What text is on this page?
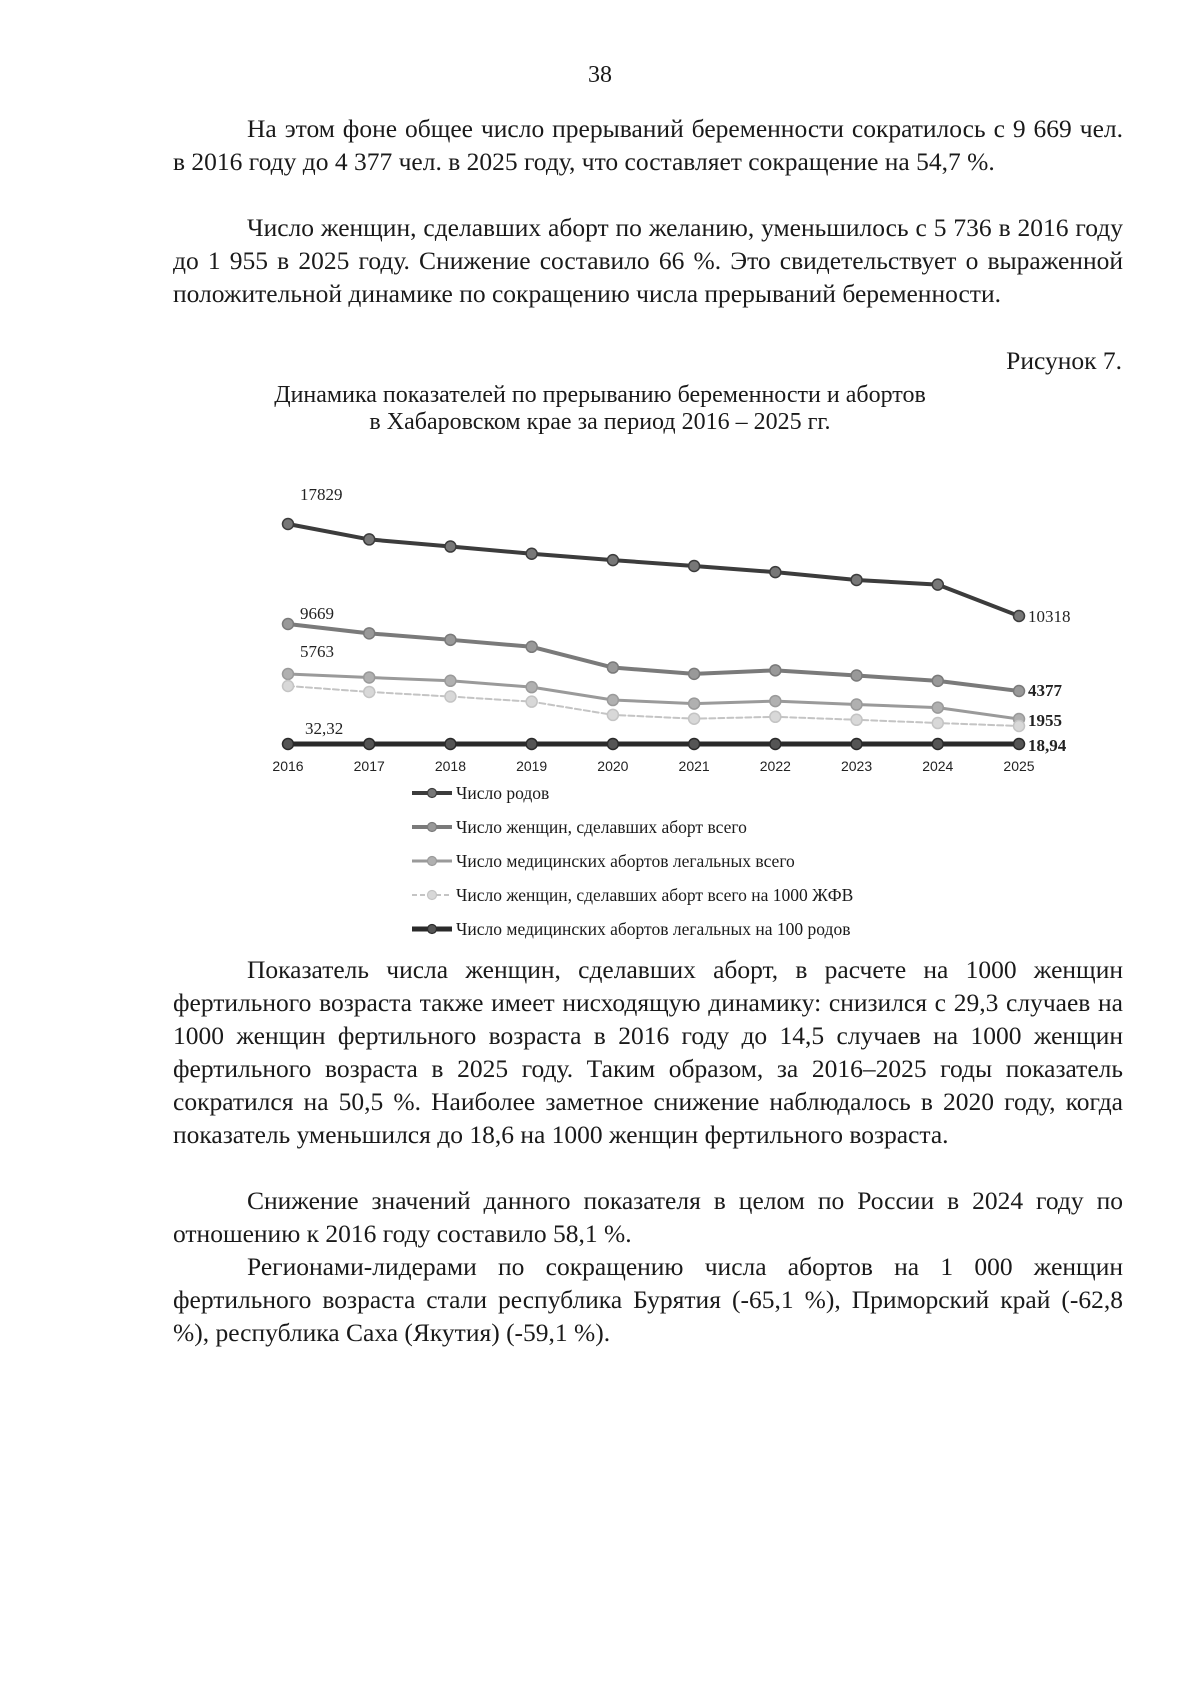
38

На этом фоне общее число прерываний беременности сократилось с 9 669 чел. в 2016 году до 4 377 чел. в 2025 году, что составляет сокращение на 54,7 %.

Число женщин, сделавших аборт по желанию, уменьшилось с 5 736 в 2016 году до 1 955 в 2025 году. Снижение составило 66 %. Это свидетельствует о выраженной положительной динамике по сокращению числа прерываний беременности.

Рисунок 7.
Динамика показателей по прерыванию беременности и абортов
в Хабаровском крае за период 2016 – 2025 гг.
17829
10318
9669
4377
5763
1955
32,32
18,94
2016	2017	2018	2019	2020	2021	2022	2023	2024	2025
Число родов
Число женщин, сделавших аборт всего
Число медицинских абортов легальных всего
Число женщин, сделавших аборт всего на 1000 ЖФВ
Число медицинских абортов легальных на 100 родов

Показатель числа женщин, сделавших аборт, в расчете на 1000 женщин фертильного возраста также имеет нисходящую динамику: снизился с 29,3 случаев на 1000 женщин фертильного возраста в 2016 году до 14,5 случаев на 1000 женщин фертильного возраста в 2025 году. Таким образом, за 2016–2025 годы показатель сократился на 50,5 %. Наиболее заметное снижение наблюдалось в 2020 году, когда показатель уменьшился до 18,6 на 1000 женщин фертильного возраста.

Снижение значений данного показателя в целом по России в 2024 году по отношению к 2016 году составило 58,1 %.

Регионами-лидерами по сокращению числа абортов на 1 000 женщин фертильного возраста стали республика Бурятия (-65,1 %), Приморский край (-62,8 %), республика Саха (Якутия) (-59,1 %).
